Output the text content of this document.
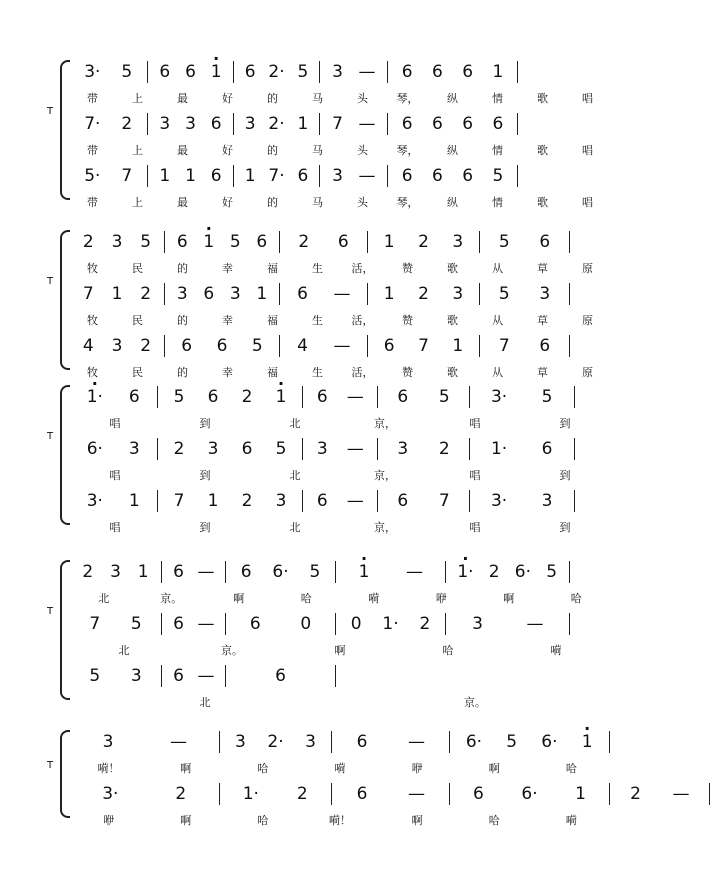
T
3· 5 6 6 · 1 6 2· 5 3 — 6 6 6 1
带	上	最	好	的	马	头	琴，	纵	情	歌	唱
7· 2 3 3 6 3 2· 1 7 — 6 6 6 6
带	上	最	好	的	马	头	琴，	纵	情	歌	唱
5· 7 1 1 6 1 7· 6 3 — 6 6 6 5
带	上	最	好	的	马	头	琴，	纵	情	歌	唱
T
2 3 5 6 · 1 5 6 2 6 1 2 3 5 6
牧	民	的	幸	福	生	活，	赞	歌	从	草	原
7 1 2 3 6 3 1 6 — 1 2 3 5 3
牧	民	的	幸	福	生	活，	赞	歌	从	草	原
4 3 2 6 6 5 4 — 6 7 1 7 6
牧	民	的	幸	福	生	活，	赞	歌	从	草	原
T
· 1· 6 5 6 2 · 1 6 — 6 5 3· 5
唱	到	北	京，	唱	到
6· 3 2 3 6 5 3 — 3 2 1· 6
唱	到	北	京，	唱	到
3· 1 7 1 2 3 6 — 6 7 3· 3
唱	到	北	京，	唱	到
T
2 3 1 6 — 6 6· 5 · 1 — · 1· 2 6· 5
北	京。	啊	哈	嗬	咿	啊	哈
7 5 6 — 6 0 0 1· 2 3	—
北	京。	啊	哈	嗬
5 3 6 —	6
北	京。
T
3	—	3 2· 3 6 — 6· 5 6· · 1
嗬！	啊	哈	嗬	咿	啊	哈
3·	2	1· 2	6 —	6 6· 1	2 —
咿	啊	哈	嗬！	啊	哈	嗬
